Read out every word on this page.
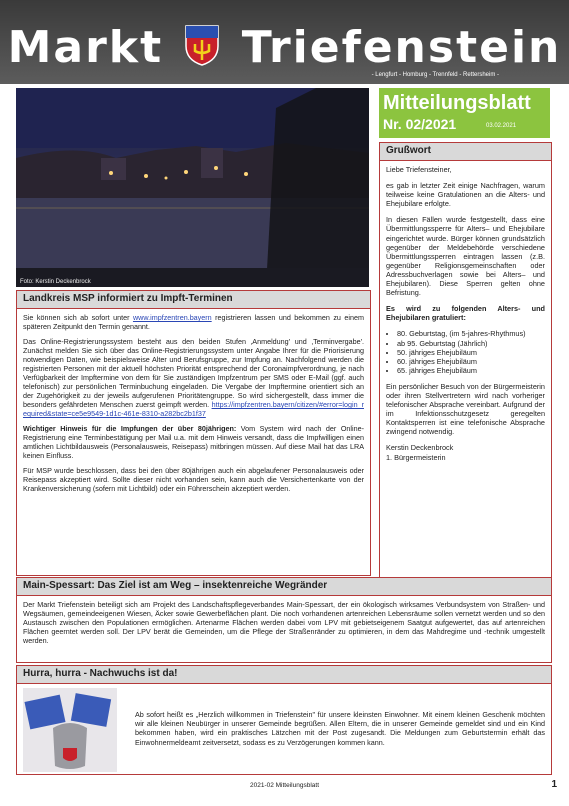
Markt Triefenstein
- Lengfurt - Homburg - Trennfeld - Rettersheim -
Foto: Kerstin Deckenbrock
Mitteilungsblatt
Nr. 02/2021	03.02.2021
Grußwort

Liebe Triefensteiner,

es gab in letzter Zeit einige Nachfragen, warum teilweise keine Gratulationen an die Alters- und Ehejubilare erfolgte.

In diesen Fällen wurde festgestellt, dass eine Übermittlungssperre für Alters– und Ehejubilare eingerichtet wurde. Bürger können grundsätzlich gegenüber der Meldebehörde verschiedene Übermittlungssperren eintragen lassen (z.B. gegenüber Religionsgemeinschaften oder Adressbuchverlagen sowie bei Alters– und Ehejubilaren). Diese Sperren gelten ohne Befristung.

Es wird zu folgenden Alters- und Ehejubilaren gratuliert:

• 80. Geburtstag, (im 5-jahres-Rhythmus)
• ab 95. Geburtstag (Jährlich)
• 50. jähriges Ehejubiläum
• 60. jähriges Ehejubiläum
• 65. jähriges Ehejubiläum

Ein persönlicher Besuch von der Bürgermeisterin oder ihren Stellvertretern wird nach vorheriger telefonischer Absprache vereinbart. Aufgrund der im Infektionsschutzgesetz geregelten Kontaktsperren ist eine telefonische Absprache zwingend notwendig.

Kerstin Deckenbrock
1. Bürgermeisterin
Landkreis MSP informiert zu Impft-Terminen

Sie können sich ab sofort unter www.impfzentren.bayern registrieren lassen und bekommen zu einem späteren Zeitpunkt den Termin genannt.

Das Online-Registrierungssystem besteht aus den beiden Stufen ‚Anmeldung' und ‚Terminvergabe'. Zunächst melden Sie sich über das Online-Registrierungssystem unter Angabe Ihrer für die Priorisierung notwendigen Daten, wie beispielsweise Alter und Berufsgruppe, zur Impfung an. Nachfolgend werden die registrierten Personen mit der aktuell höchsten Priorität entsprechend der Coronaimpfverordnung, je nach Verfügbarkeit der Impftermine von dem für Sie zuständigen Impfzentrum per SMS oder E-Mail (ggf. auch telefonisch) zur persönlichen Terminbuchung eingeladen. Die Vergabe der Impftermine orientiert sich an der Zugehörigkeit zu der jeweils aufgerufenen Prioritätengruppe. So wird sichergestellt, dass immer die besonders gefährdeten Menschen zuerst geimpft werden. https://impfzentren.bayern/citizen/#error=login_required&state=ce5e9549-1d1c-461e-8310-a282bc2b1f37

Wichtiger Hinweis für die Impfungen der über 80jährigen: Vom System wird nach der Online-Registrierung eine Terminbestätigung per Mail u.a. mit dem Hinweis versandt, dass die Impfwilligen einen amtlichen Lichtbildausweis (Personalausweis, Reisepass) mitbringen müssen. Auf diese Mail hat das LRA keinen Einfluss.

Für MSP wurde beschlossen, dass bei den über 80jährigen auch ein abgelaufener Personalausweis oder Reisepass akzeptiert wird. Sollte dieser nicht vorhanden sein, kann auch die Versichertenkarte von der Krankenversicherung (sofern mit Lichtbild) oder ein Führerschein akzeptiert werden.

Main-Spessart: Das Ziel ist am Weg – insektenreiche Wegränder
Der Markt Triefenstein beteiligt sich am Projekt des Landschaftspflegeverbandes Main-Spessart, der ein ökologisch wirksames Verbundsystem von Straßen- und Wegsäumen, gemeindeeigenen Wiesen, Äcker sowie Gewerbeflächen plant. Die noch vorhandenen artenreichen Lebensräume sollen vernetzt werden und so den Austausch zwischen den Populationen ermöglichen. Artenarme Flächen werden dabei vom LPV mit gebietseigenem Saatgut aufgewertet, das auf artenreichen Flächen geerntet werden soll. Der LPV berät die Gemeinden, um die Pflege der Straßenränder zu optimieren, in dem das Mahdregime und -technik umgestellt werden.
Hurra, hurra - Nachwuchs ist da!
Ab sofort heißt es „Herzlich willkommen in Triefenstein" für unsere kleinsten Einwohner. Mit einem kleinen Geschenk möchten wir alle kleinen Neubürger in unserer Gemeinde begrüßen. Allen Eltern, die in unserer Gemeinde gemeldet sind und ein Kind bekommen haben, wird ein praktisches Lätzchen mit der Post zugesandt. Die Meldungen zum Geburtstermin erhält das Einwohnermeldeamt zeitversetzt, sodass es zu Verzögerungen kommen kann.
2021-02 Mitteilungsblatt	1
